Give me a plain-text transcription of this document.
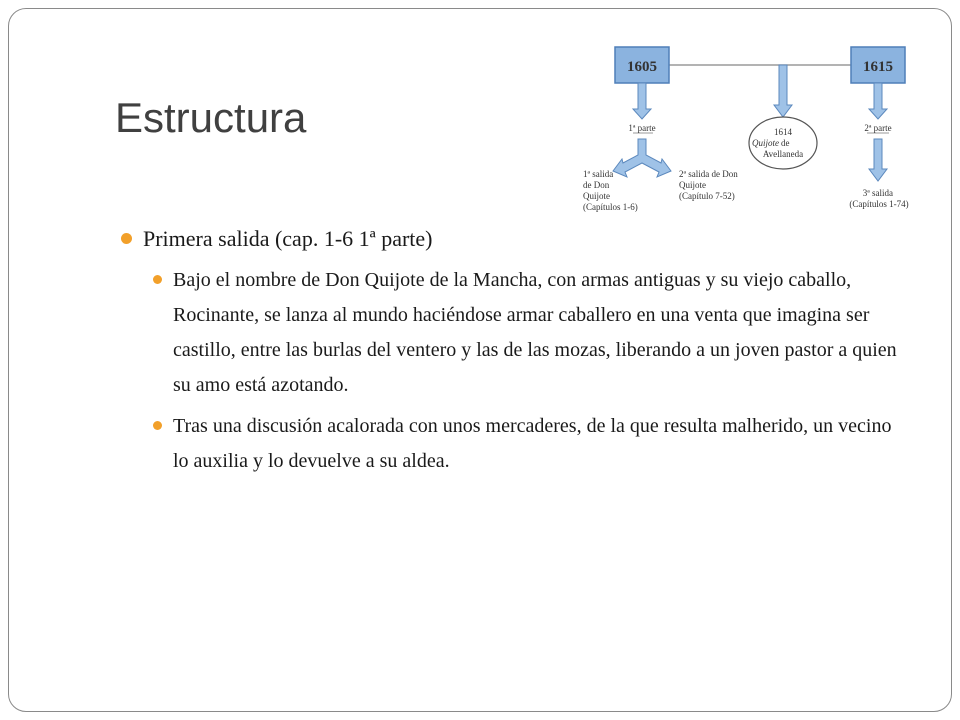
Estructura
1605	1615
1ª parte	1614
Quijote de
Avellaneda
2ª parte
1ª salida de Don Quijote (Capítulos 1-6)
2ª salida de Don Quijote (Capítulo 7-52)	3ª salida (Capítulos 1-74)
Primera salida (cap. 1-6 1ª parte)
Bajo el nombre de Don Quijote de la Mancha, con armas antiguas y su viejo caballo, Rocinante, se lanza al mundo haciéndose armar caballero en una venta que imagina ser castillo, entre las burlas del ventero y las de las mozas, liberando a un joven pastor a quien su amo está azotando.
Tras una discusión acalorada con unos mercaderes, de la que resulta malherido, un vecino lo auxilia y lo devuelve a su aldea.
